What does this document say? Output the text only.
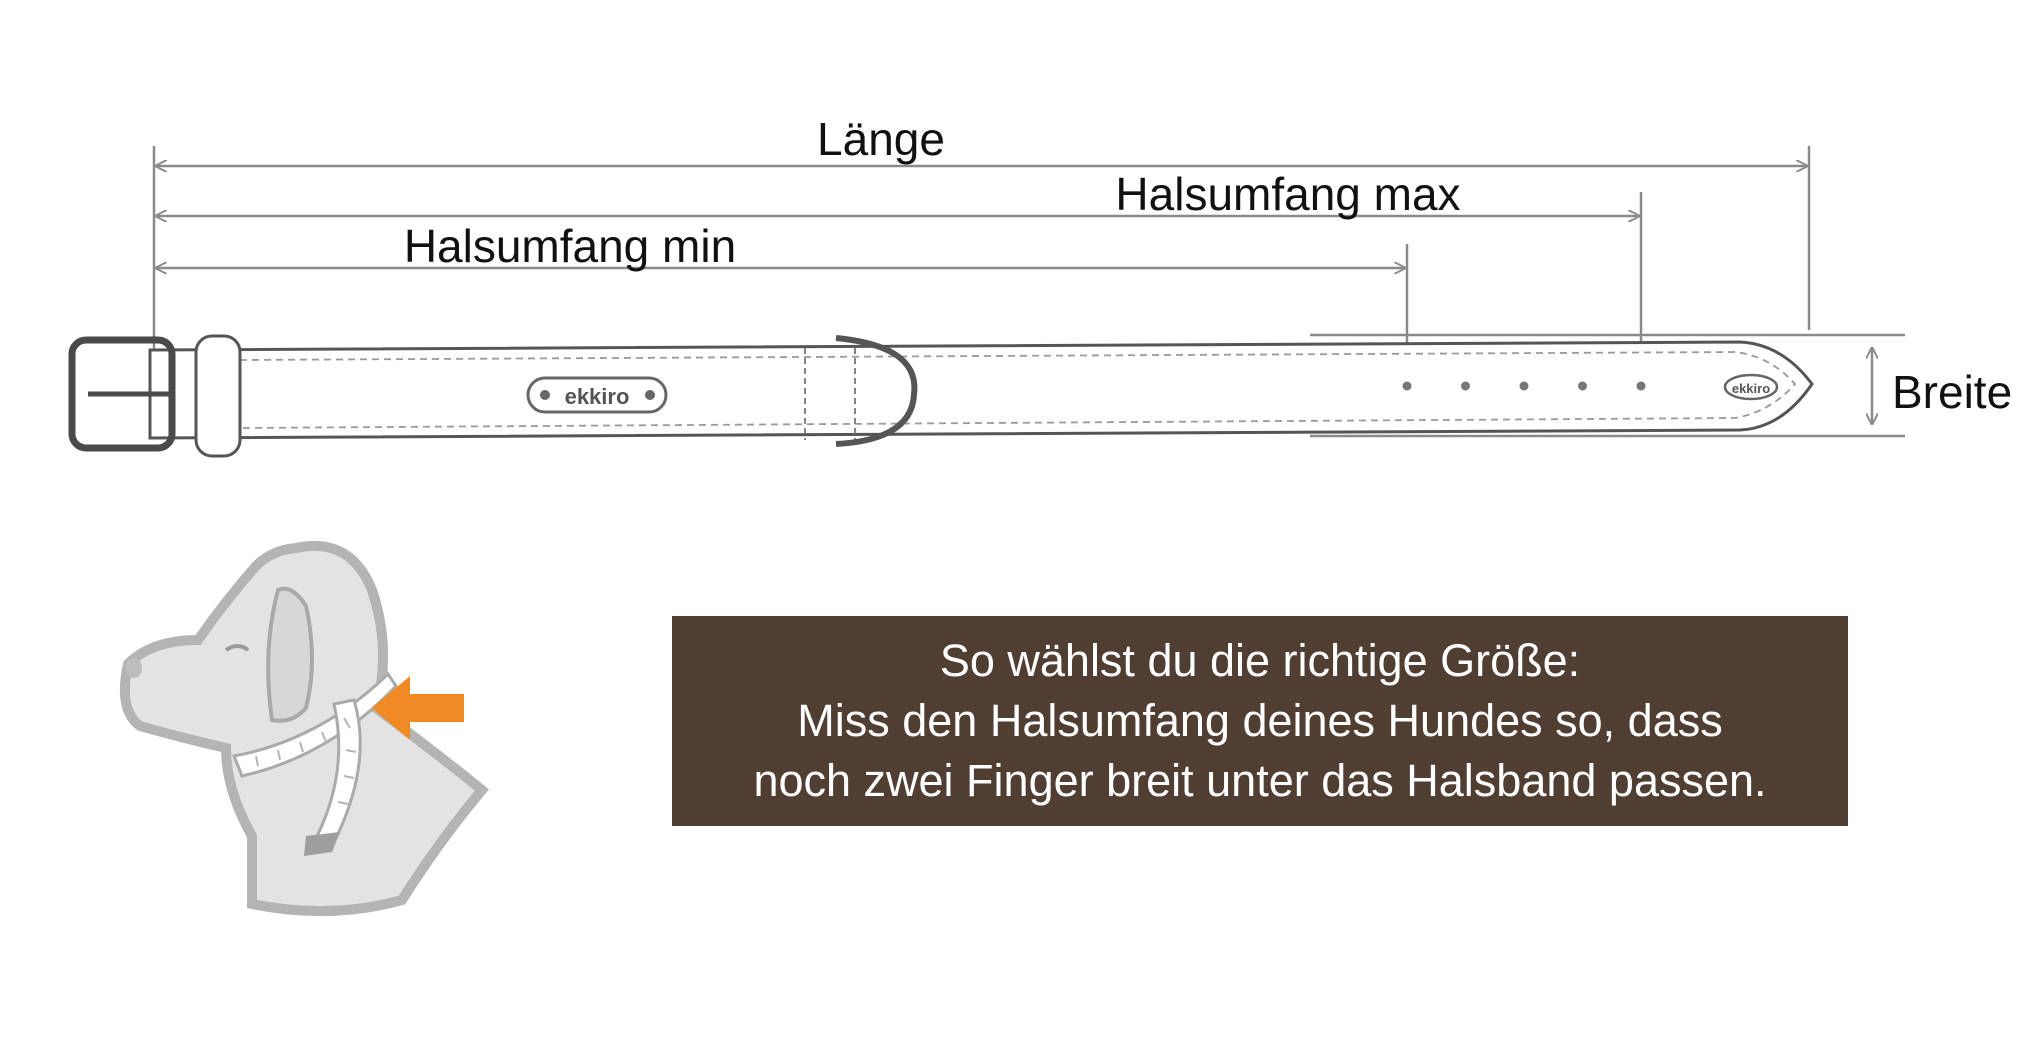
Länge
Halsumfang max
Halsumfang min
Breite
ekkiro	ekkiro
So wählst du die richtige Größe:
Miss den Halsumfang deines Hundes so, dass
noch zwei Finger breit unter das Halsband passen.
